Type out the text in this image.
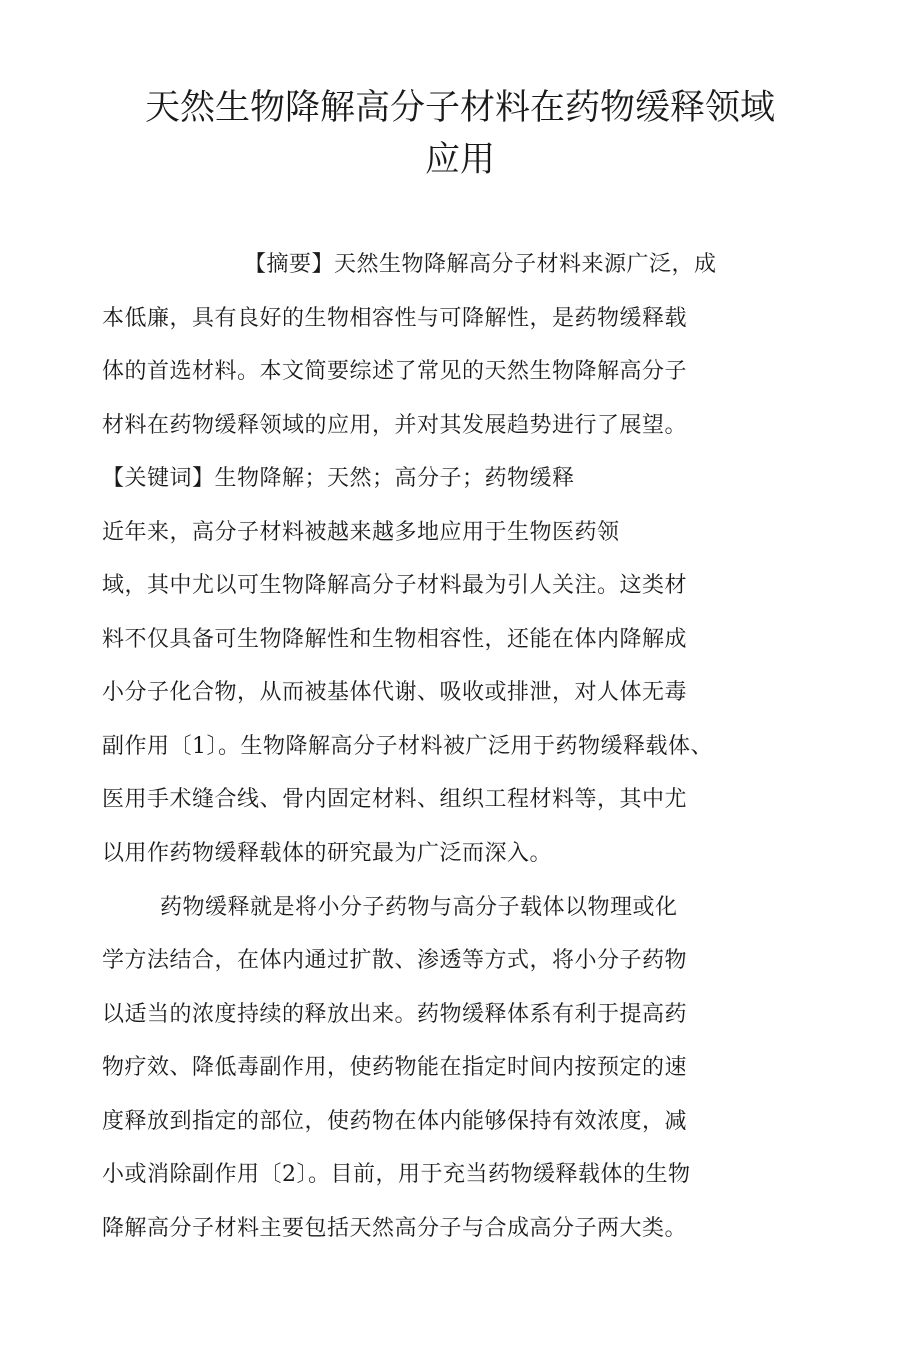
天然生物降解高分子材料在药物缓释领域
应用
【摘要】天然生物降解高分子材料来源广泛，成
本低廉，具有良好的生物相容性与可降解性，是药物缓释载
体的首选材料。本文简要综述了常见的天然生物降解高分子
材料在药物缓释领域的应用，并对其发展趋势进行了展望。
【关键词】生物降解；天然；高分子；药物缓释
近年来，高分子材料被越来越多地应用于生物医药领
域，其中尤以可生物降解高分子材料最为引人关注。这类材
料不仅具备可生物降解性和生物相容性，还能在体内降解成
小分子化合物，从而被基体代谢、吸收或排泄，对人体无毒
副作用〔1〕。生物降解高分子材料被广泛用于药物缓释载体、
医用手术缝合线、骨内固定材料、组织工程材料等，其中尤
以用作药物缓释载体的研究最为广泛而深入。
药物缓释就是将小分子药物与高分子载体以物理或化
学方法结合，在体内通过扩散、渗透等方式，将小分子药物
以适当的浓度持续的释放出来。药物缓释体系有利于提高药
物疗效、降低毒副作用，使药物能在指定时间内按预定的速
度释放到指定的部位，使药物在体内能够保持有效浓度，减
小或消除副作用〔2〕。目前，用于充当药物缓释载体的生物
降解高分子材料主要包括天然高分子与合成高分子两大类。
